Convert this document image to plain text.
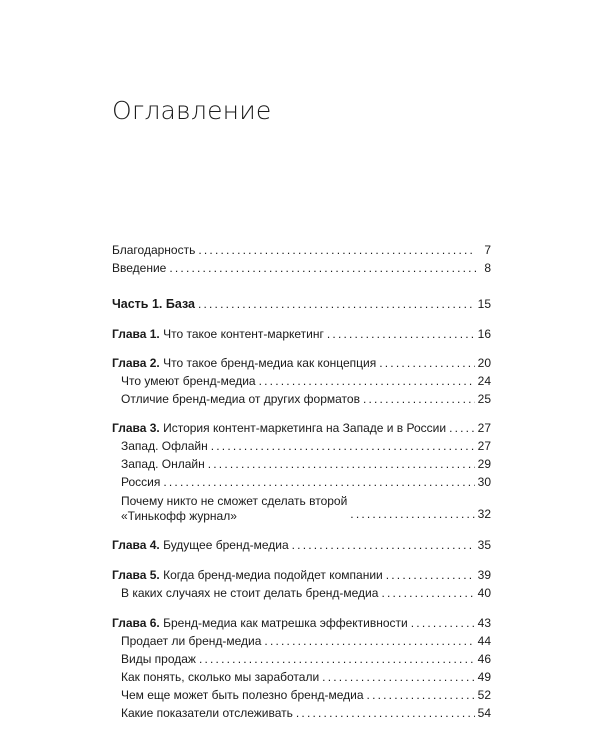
Оглавление
Благодарность .....	7
Введение .....	8
Часть 1. База .....	15
Глава 1. Что такое контент-маркетинг .....	16
Глава 2. Что такое бренд-медиа как концепция .....	20
Что умеют бренд-медиа .....	24
Отличие бренд-медиа от других форматов .....	25
Глава 3. История контент-маркетинга на Западе и в России .....	27
Запад. Офлайн .....	27
Запад. Онлайн .....	29
Россия .....	30
Почему никто не сможет сделать второй
«Тинькофф журнал» .....	32
Глава 4. Будущее бренд-медиа .....	35
Глава 5. Когда бренд-медиа подойдет компании .....	39
В каких случаях не стоит делать бренд-медиа .....	40
Глава 6. Бренд-медиа как матрешка эффективности .....	43
Продает ли бренд-медиа .....	44
Виды продаж .....	46
Как понять, сколько мы заработали .....	49
Чем еще может быть полезно бренд-медиа .....	52
Какие показатели отслеживать .....	54
